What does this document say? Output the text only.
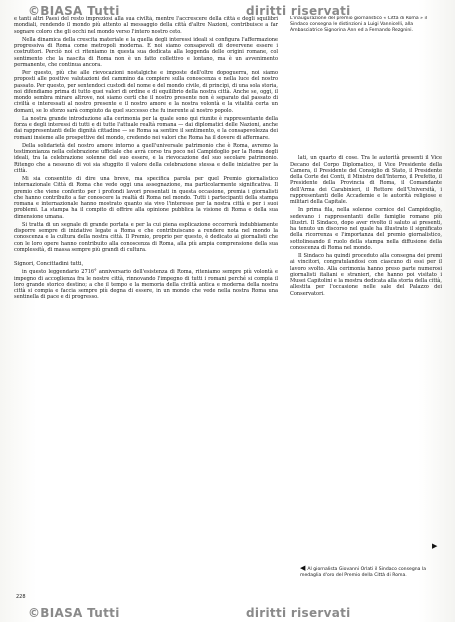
©BIASA Tutti	diritti riservati

e tanti altri Paesi del resto impreziosi alla sua civiltà, mentre l'accrescere della città e degli squilibri mondiali, rendendo il mondo più attento al messaggio della città d'altre Nazioni, contribuisce a far sognare coloro che gli occhi nel mondo verso l'intero nostro ceto.

Nella dinamica della crescita materiale e la quella degli interessi ideali si configura l'affermazione progressiva di Roma come metropoli moderna. E noi siamo consapevoli di dovervene essere i costruttori. Perciò noi ci riteniamo in questa sua dedicata alla leggenda delle origini romane, col sentimento che la nascita di Roma non è un fatto collettivo e lontano, ma è un avvenimento permanente, che continua ancora.

Per questo, più che alle rievocazioni nostalgiche e imposte dell'oltre dopoguerra, noi siamo proposti alle positive valutazioni del cammino da compiere sulla conoscenza e nella luce del nostro passato. Per questo, per sentendoci custodi del nome e del mondo civile, di principi, di una sola storia, noi difendiamo prima di tutto quei valori di ordine e di equilibrio della nostra città. Anche se, oggi, il mondo sembra mirare altrove, noi siamo certi che il nostro presente non è separato dal passato di civiltà e interessati al nostro presente e il nostro amore e la nostra volontà e la vitalità certa un domani, se lo sforzo sarà compiuto da quel successo che fu inerente al nostro popolo.

La nostra grande introduzione alla cerimonia per la quale sono qui riunite è rappresentante della forza e degli interessi di tutti e di tutte l'attuale realtà romana — dai diplomatici delle Nazioni, anche dai rappresentanti delle dignità cittadine — se Roma sa sentire il sentimento, e la consapevolezza dei romani insieme alle prospettive del mondo, credendo nei valori che Roma ha il dovere di affermare.

Della solidarietà del nostro amore intorno a quell'universale patrimonio che è Roma, avremo la testimonianza nella celebrazione ufficiale che avrà corso tra poco nel Campidoglio per la Roma degli ideali, tra la celebrazione solenne del suo essere, e la rievocazione del suo secolare patrimonio. Ritengo che a nessuno di voi sia sfuggito il valore della celebrazione stessa e delle iniziative per la città.

Mi sia consentito di dire una breve, ma specifica parola per quel Premio giornalistico internazionale Città di Roma che vede oggi una assegnazione, ma particolarmente significativa. Il premio che viene conferito per i profondi lavori presentati in questa occasione, premia i giornalisti che hanno contribuito a far conoscere la realtà di Roma nel mondo. Tutti i partecipanti della stampa romana e internazionale hanno mostrato quanto sia vivo l'interesse per la nostra città e per i suoi problemi. La stampa ha il compito di offrire alla opinione pubblica la visione di Roma e della sua dimensione umana.

Si tratta di un segnale di grande portata e per la cui piena esplicazione occorrerà indubbiamente disporre sempre di iniziative legate a Roma e che contribuiscano a rendere nota nel mondo la conoscenza e la cultura della nostra città. Il Premio, proprio per questo, è dedicato ai giornalisti che con le loro opere hanno contribuito alla conoscenza di Roma, alla più ampia comprensione della sua complessità, di massa sempre più grandi di cultura.

Signori, Concittadini tutti,

in questo leggendario 2716° anniversario dell'esistenza di Roma, riteniamo sempre più volontà e impegno di accoglienza fra le nostre città, rinnovando l'impegno di tutti i romani perché si compia il loro grande storico destino; a che il tempo e la memoria della civiltà antica e moderna della nostra città si compia e faccia sempre più degna di essere, in un mondo che vede nella nostra Roma una sentinella di pace e di progresso.

L'inaugurazione del premio giornalistico « Città di Roma » il Sindaco consegna le distinzioni a Luigi Vannicelli, alla Ambasciatrice Signorina Ann ed a Fernando Rezgnini.

lati, un quarto di cose. Tra le autorità presenti il Vice Decano del Corpo Diplomatico, il Vice Presidente della Camera, il Presidente del Consiglio di Stato, il Presidente della Corte dei Conti, il Ministro dell'Interno, il Prefetto, il Presidente della Provincia di Roma, il Comandante dell'Arma dei Carabinieri, il Rettore dell'Università, i rappresentanti delle Accademie e le autorità religiose e militari della Capitale.

In prima fila, nella solenne cornice del Campidoglio, sedevano i rappresentanti delle famiglie romane più illustri. Il Sindaco, dopo aver rivolto il saluto ai presenti, ha tenuto un discorso nel quale ha illustrato il significato della ricorrenza e l'importanza del premio giornalistico, sottolineando il ruolo della stampa nella diffusione della conoscenza di Roma nel mondo.

Il Sindaco ha quindi proceduto alla consegna dei premi ai vincitori, congratulandosi con ciascuno di essi per il lavoro svolto. Alla cerimonia hanno preso parte numerosi giornalisti italiani e stranieri, che hanno poi visitato i Musei Capitolini e la mostra dedicata alla storia della città, allestita per l'occasione nelle sale del Palazzo dei Conservatori.

▶

◀ Al giornalista Giovanni Orlati il Sindaco consegna la medaglia d'oro del Premio della Città di Roma.

228
©BIASA Tutti	diritti riservati
